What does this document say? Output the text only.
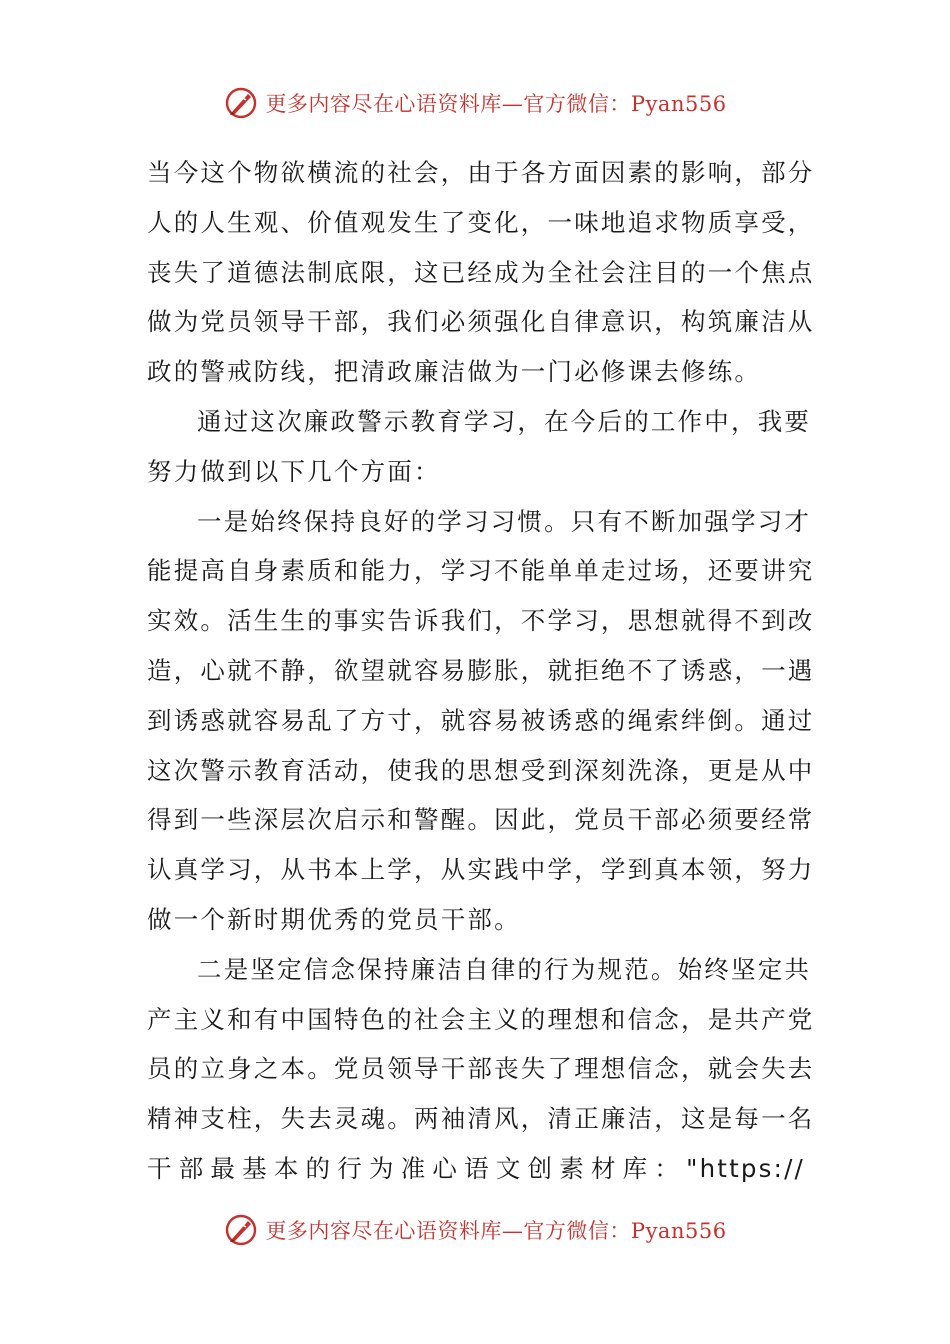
更多内容尽在心语资料库—官方微信：Pyan556
当今这个物欲横流的社会，由于各方面因素的影响，部分
人的人生观、价值观发生了变化，一味地追求物质享受，
丧失了道德法制底限，这已经成为全社会注目的一个焦点
做为党员领导干部，我们必须强化自律意识，构筑廉洁从
政的警戒防线，把清政廉洁做为一门必修课去修练。
通过这次廉政警示教育学习，在今后的工作中，我要
努力做到以下几个方面：
一是始终保持良好的学习习惯。只有不断加强学习才
能提高自身素质和能力，学习不能单单走过场，还要讲究
实效。活生生的事实告诉我们，不学习，思想就得不到改
造，心就不静，欲望就容易膨胀，就拒绝不了诱惑，一遇
到诱惑就容易乱了方寸，就容易被诱惑的绳索绊倒。通过
这次警示教育活动，使我的思想受到深刻洗涤，更是从中
得到一些深层次启示和警醒。因此，党员干部必须要经常
认真学习，从书本上学，从实践中学，学到真本领，努力
做一个新时期优秀的党员干部。
二是坚定信念保持廉洁自律的行为规范。始终坚定共
产主义和有中国特色的社会主义的理想和信念，是共产党
员的立身之本。党员领导干部丧失了理想信念，就会失去
精神支柱，失去灵魂。两袖清风，清正廉洁，这是每一名
干部最基本的行为准心语文创素材库："https://
更多内容尽在心语资料库—官方微信：Pyan556
